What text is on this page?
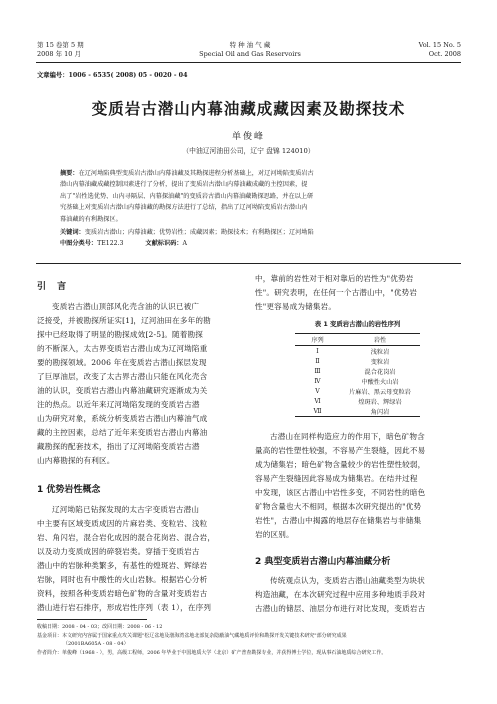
第 15 卷第 5 期
2008 年 10 月
特 种 油 气 藏
Special Oil and Gas Reservoirs
Vol. 15 No. 5
Oct. 2008
文章编号：1006 - 6535( 2008) 05 - 0020 - 04
变质岩古潜山内幕油藏成藏因素及勘探技术
单俊峰
（中油辽河油田公司，辽宁 盘锦 124010）
摘要：在辽河坳陷典型变质岩古潜山内幕油藏及其勘探进程分析基础上，对辽河坳陷变质岩古
潜山内幕油藏成藏控制因素进行了分析，提出了变质岩古潜山内幕油藏成藏的主控因素，提
出了"岩性选优势、山内寻隔层、内幕探油藏"的变质岩古潜山内幕油藏勘探思路，并在以上研
究基础上对变质岩古潜山内幕油藏的勘探方法进行了总结，指出了辽河坳陷变质岩古潜山内
幕油藏的有利勘探区。
关键词：变质岩古潜山；内幕油藏；优势岩性；成藏因素；勘探技术；有利勘探区；辽河坳陷
中图分类号：TE122.3	文献标识码：A
引 言
变质岩古潜山顶部风化壳含油的认识已被广
泛接受，并被勘探所证实[1]，辽河油田在多年的勘
探中已经取得了明显的勘探成效[2-5]。随着勘探
的不断深入，太古界变质岩古潜山成为辽河坳陷重
要的勘探领域。2006 年在变质岩古潜山探层发现
了巨厚油层，改变了太古界古潜山只能在风化壳含
油的认识，变质岩古潜山内幕油藏研究逐渐成为关
注的热点。以近年来辽河坳陷发现的变质岩古潜
山为研究对象，系统分析变质岩古潜山内幕油气成
藏的主控因素，总结了近年来变质岩古潜山内幕油
藏勘探的配套技术，指出了辽河坳陷变质岩古潜
山内幕勘探的有利区。
1 优势岩性概念
辽河坳陷已钻探发现的太古字变质岩古潜山
中主要有区域变质成因的片麻岩类、变粒岩、浅粒
岩、角闪岩，混合岩化成因的混合花岗岩、混合岩，
以及动力变质成因的碎裂岩类。穿插于变质岩古
潜山中的岩脉种类繁多，有基性的煌斑岩、辉绿岩
岩脉，同时也有中酸性的火山岩脉。根据岩心分析
资料，按照各种变质岩暗色矿物的含量对变质岩古
潜山进行岩石排序，形成岩性序列（表 1），在序列
中，靠前的岩性对于相对靠后的岩性为"优势岩
性"。研究表明，在任何一个古潜山中，"优势岩
性"更容易成为储集岩。
表 1 变质岩古潜山的岩性序列
序列	岩性
Ⅰ	浅粒岩
Ⅱ	变粒岩
Ⅲ	混合花岗岩
Ⅳ	中酸性火山岩
Ⅴ	片麻岩、黑云母变粒岩
Ⅵ	煌斑岩、辉绿岩
Ⅶ	角闪岩
古潜山在同样构造应力的作用下，暗色矿物含
量高的岩性塑性较强，不容易产生裂缝，因此不易
成为储集岩；暗色矿物含量较少的岩性塑性较弱，
容易产生裂缝因此容易成为储集岩。在结井过程
中发现，该区古潜山中岩性多变，不同岩性的暗色
矿物含量也大不相同，根据本次研究提出的"优势
岩性"，古潜山中揭露的地层存在储集岩与非储集
岩的区别。
2 典型变质岩古潜山内幕油藏分析
传统观点认为，变质岩古潜山油藏类型为块状
构造油藏，在本次研究过程中应用多种地质手段对
古潜山的储层、油层分布进行对比发现，变质岩古
收稿日期：2008 - 04 - 03；改回日期：2008 - 06 - 12
基金项目：本文研究内容属于国家重点攻关课题"松辽盆地及渤海湾盆地北部复杂隐蔽油气藏地质评价和勘探开发关键技术研究"部分研究成果
（2001BA605A - 08 - 04）
作者简介：单俊峰（1968 - ），男，高级工程师，2006 年毕业于中国地质大学（北京）矿产普查勘探专业，并获得博士学位，现从事石油地质综合研究工作。
